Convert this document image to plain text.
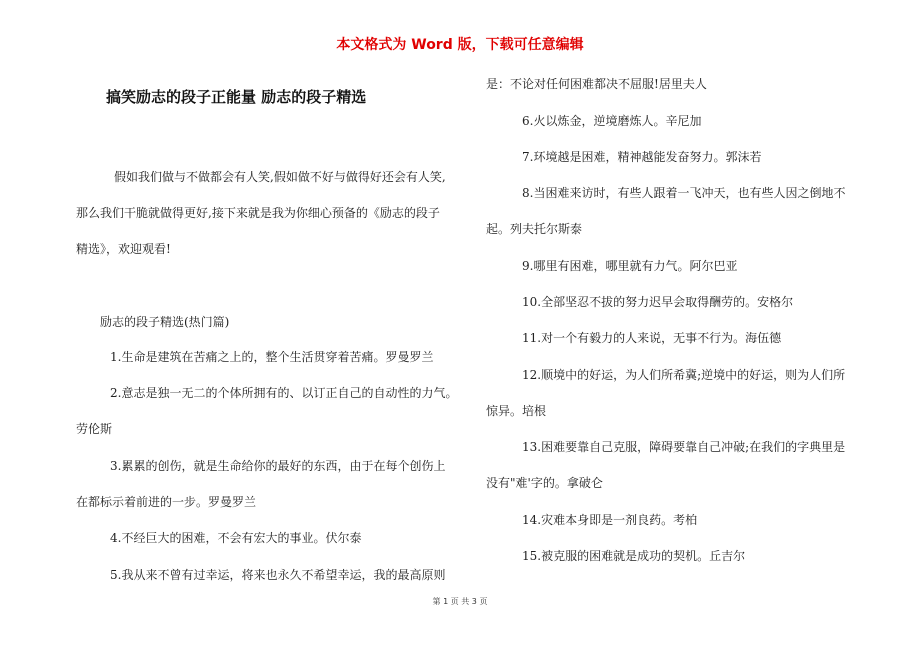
本文格式为 Word 版，下载可任意编辑
搞笑励志的段子正能量 励志的段子精选
假如我们做与不做都会有人笑,假如做不好与做得好还会有人笑,
那么我们干脆就做得更好,接下来就是我为你细心预备的《励志的段子
精选》，欢迎观看!
励志的段子精选(热门篇)
1.生命是建筑在苦痛之上的，整个生活贯穿着苦痛。罗曼罗兰
2.意志是独一无二的个体所拥有的、以订正自己的自动性的力气。
劳伦斯
3.累累的创伤，就是生命给你的最好的东西，由于在每个创伤上
在都标示着前进的一步。罗曼罗兰
4.不经巨大的困难，不会有宏大的事业。伏尔泰
5.我从来不曾有过幸运，将来也永久不希望幸运，我的最高原则
是：不论对任何困难都决不屈服!居里夫人
6.火以炼金，逆境磨炼人。辛尼加
7.环境越是困难，精神越能发奋努力。郭沫若
8.当困难来访时，有些人跟着一飞冲天，也有些人因之倒地不
起。列夫托尔斯泰
9.哪里有困难，哪里就有力气。阿尔巴亚
10.全部坚忍不拔的努力迟早会取得酬劳的。安格尔
11.对一个有毅力的人来说，无事不行为。海伍德
12.顺境中的好运，为人们所希冀;逆境中的好运，则为人们所
惊异。培根
13.困难要靠自己克服，障碍要靠自己冲破;在我们的字典里是
没有"难'字的。拿破仑
14.灾难本身即是一剂良药。考柏
15.被克服的困难就是成功的契机。丘吉尔
第 1 页 共 3 页
